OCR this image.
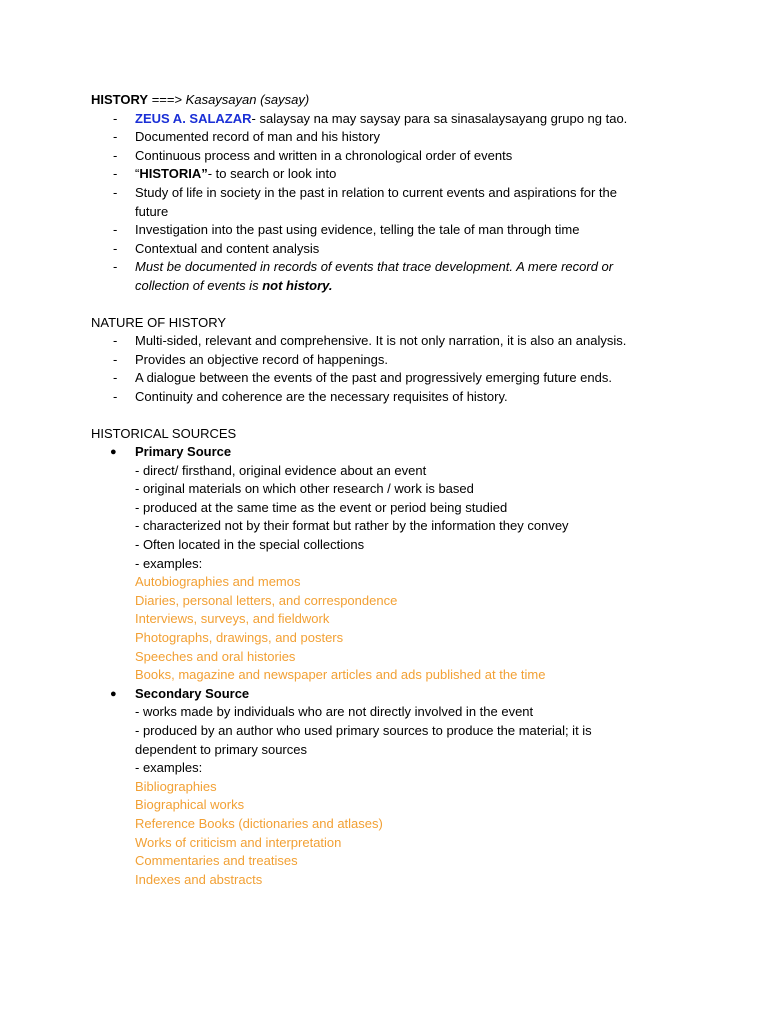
HISTORY ===> Kasaysayan (saysay)
- ZEUS A. SALAZAR- salaysay na may saysay para sa sinasalaysayang grupo ng tao.
- Documented record of man and his history
- Continuous process and written in a chronological order of events
- “HISTORIA”- to search or look into
- Study of life in society in the past in relation to current events and aspirations for the
future
- Investigation into the past using evidence, telling the tale of man through time
- Contextual and content analysis
- Must be documented in records of events that trace development. A mere record or
collection of events is not history.
NATURE OF HISTORY
- Multi-sided, relevant and comprehensive. It is not only narration, it is also an analysis.
- Provides an objective record of happenings.
- A dialogue between the events of the past and progressively emerging future ends.
- Continuity and coherence are the necessary requisites of history.
HISTORICAL SOURCES
● Primary Source
- direct/ firsthand, original evidence about an event
- original materials on which other research / work is based
- produced at the same time as the event or period being studied
- characterized not by their format but rather by the information they convey
- Often located in the special collections
- examples:
Autobiographies and memos
Diaries, personal letters, and correspondence
Interviews, surveys, and fieldwork
Photographs, drawings, and posters
Speeches and oral histories
Books, magazine and newspaper articles and ads published at the time
● Secondary Source
- works made by individuals who are not directly involved in the event
- produced by an author who used primary sources to produce the material; it is
dependent to primary sources
- examples:
Bibliographies
Biographical works
Reference Books (dictionaries and atlases)
Works of criticism and interpretation
Commentaries and treatises
Indexes and abstracts
